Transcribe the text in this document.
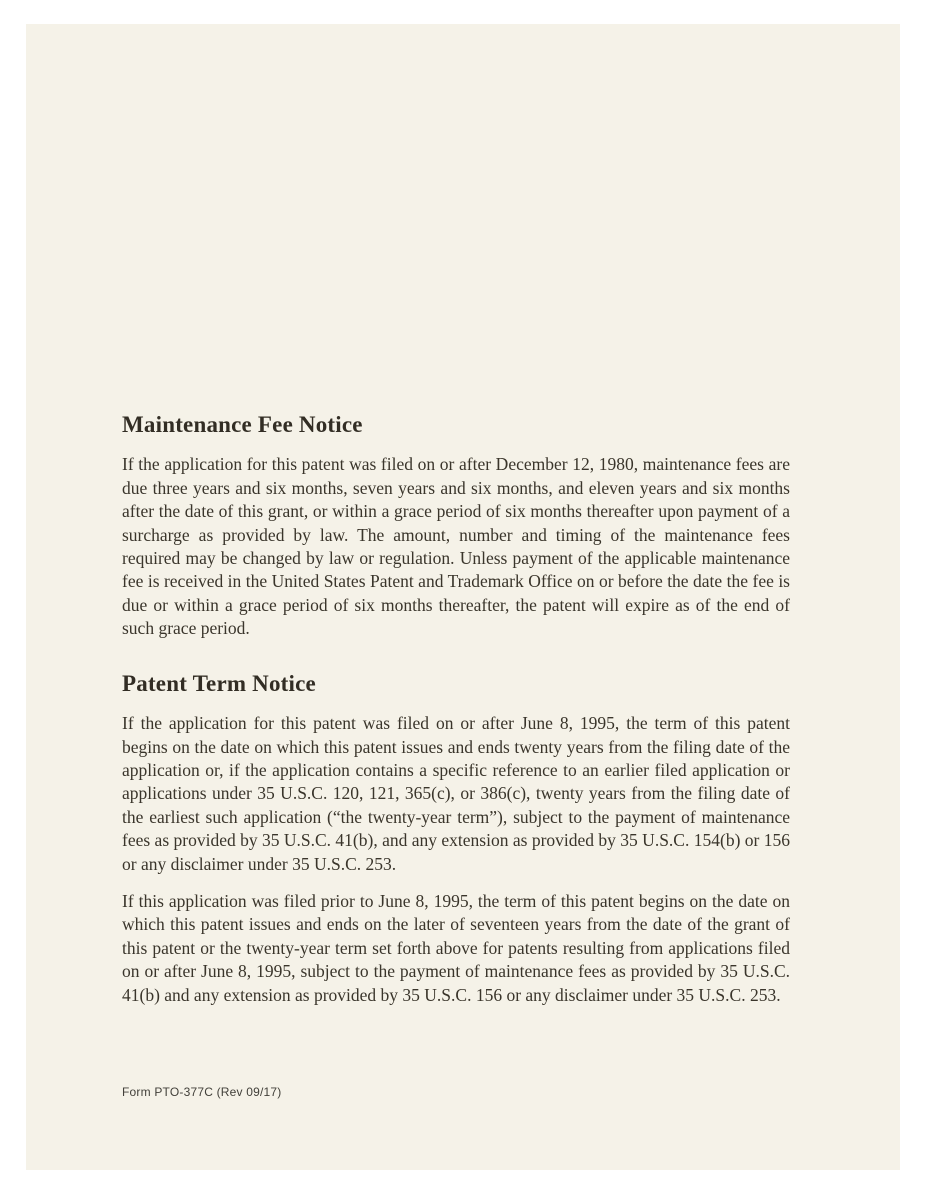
Maintenance Fee Notice

If the application for this patent was filed on or after December 12, 1980, maintenance fees are due three years and six months, seven years and six months, and eleven years and six months after the date of this grant, or within a grace period of six months thereafter upon payment of a surcharge as provided by law. The amount, number and timing of the maintenance fees required may be changed by law or regulation. Unless payment of the applicable maintenance fee is received in the United States Patent and Trademark Office on or before the date the fee is due or within a grace period of six months thereafter, the patent will expire as of the end of such grace period.

Patent Term Notice

If the application for this patent was filed on or after June 8, 1995, the term of this patent begins on the date on which this patent issues and ends twenty years from the filing date of the application or, if the application contains a specific reference to an earlier filed application or applications under 35 U.S.C. 120, 121, 365(c), or 386(c), twenty years from the filing date of the earliest such application (“the twenty-year term”), subject to the payment of maintenance fees as provided by 35 U.S.C. 41(b), and any extension as provided by 35 U.S.C. 154(b) or 156 or any disclaimer under 35 U.S.C. 253.

If this application was filed prior to June 8, 1995, the term of this patent begins on the date on which this patent issues and ends on the later of seventeen years from the date of the grant of this patent or the twenty-year term set forth above for patents resulting from applications filed on or after June 8, 1995, subject to the payment of maintenance fees as provided by 35 U.S.C. 41(b) and any extension as provided by 35 U.S.C. 156 or any disclaimer under 35 U.S.C. 253.

Form PTO-377C (Rev 09/17)
